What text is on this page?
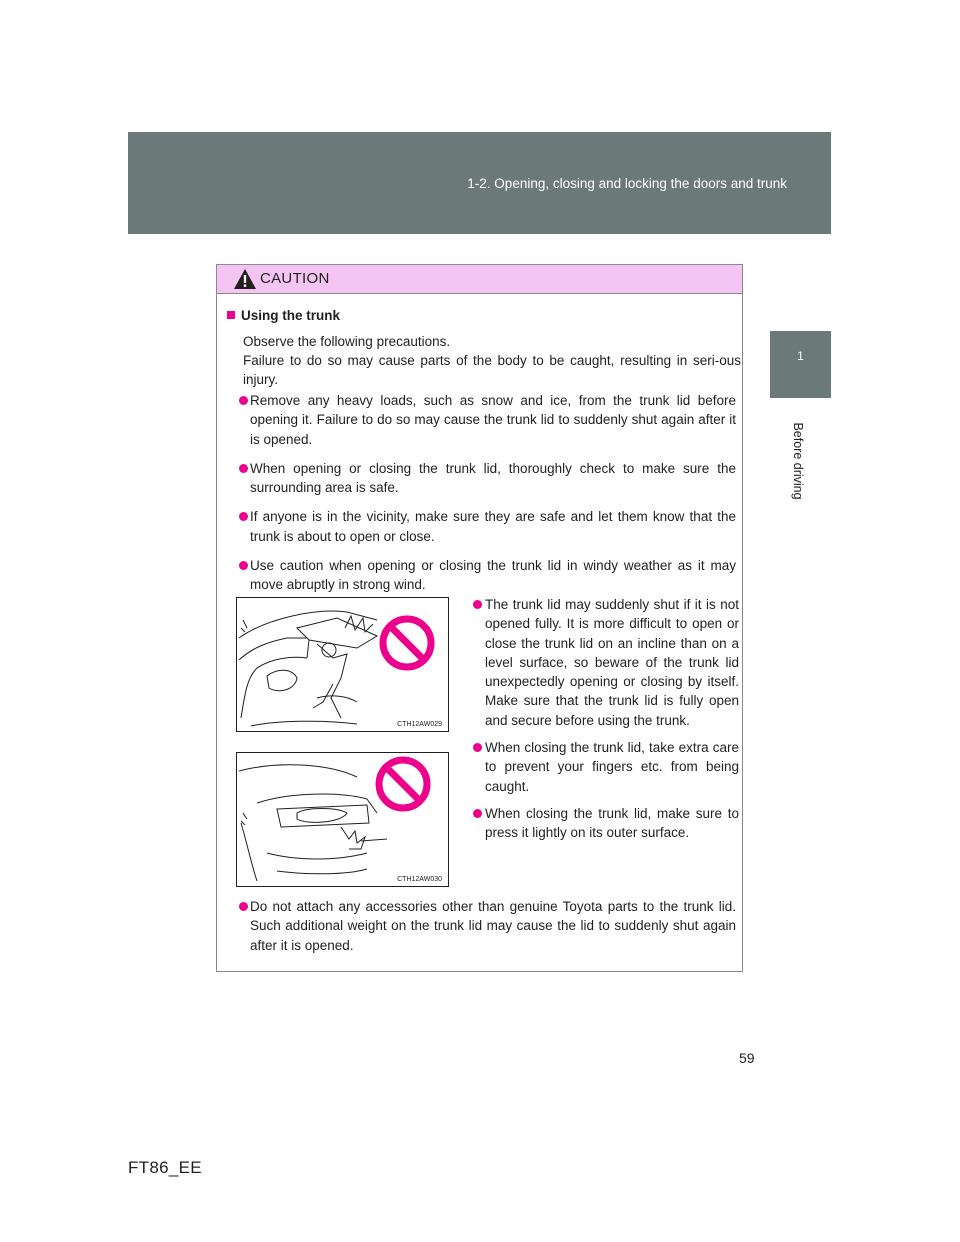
1-2. Opening, closing and locking the doors and trunk
1
Before driving
CAUTION
Using the trunk

Observe the following precautions.

Failure to do so may cause parts of the body to be caught, resulting in seri-ous injury.

Remove any heavy loads, such as snow and ice, from the trunk lid before opening it. Failure to do so may cause the trunk lid to suddenly shut again after it is opened.
When opening or closing the trunk lid, thoroughly check to make sure the surrounding area is safe.
If anyone is in the vicinity, make sure they are safe and let them know that the trunk is about to open or close.
Use caution when opening or closing the trunk lid in windy weather as it may move abruptly in strong wind.
CTH12AW029
CTH12AW030
The trunk lid may suddenly shut if it is not opened fully. It is more difficult to open or close the trunk lid on an incline than on a level surface, so beware of the trunk lid unexpectedly opening or closing by itself. Make sure that the trunk lid is fully open and secure before using the trunk.
When closing the trunk lid, take extra care to prevent your fingers etc. from being caught.
When closing the trunk lid, make sure to press it lightly on its outer surface.
Do not attach any accessories other than genuine Toyota parts to the trunk lid. Such additional weight on the trunk lid may cause the lid to suddenly shut again after it is opened.
59
FT86_EE
